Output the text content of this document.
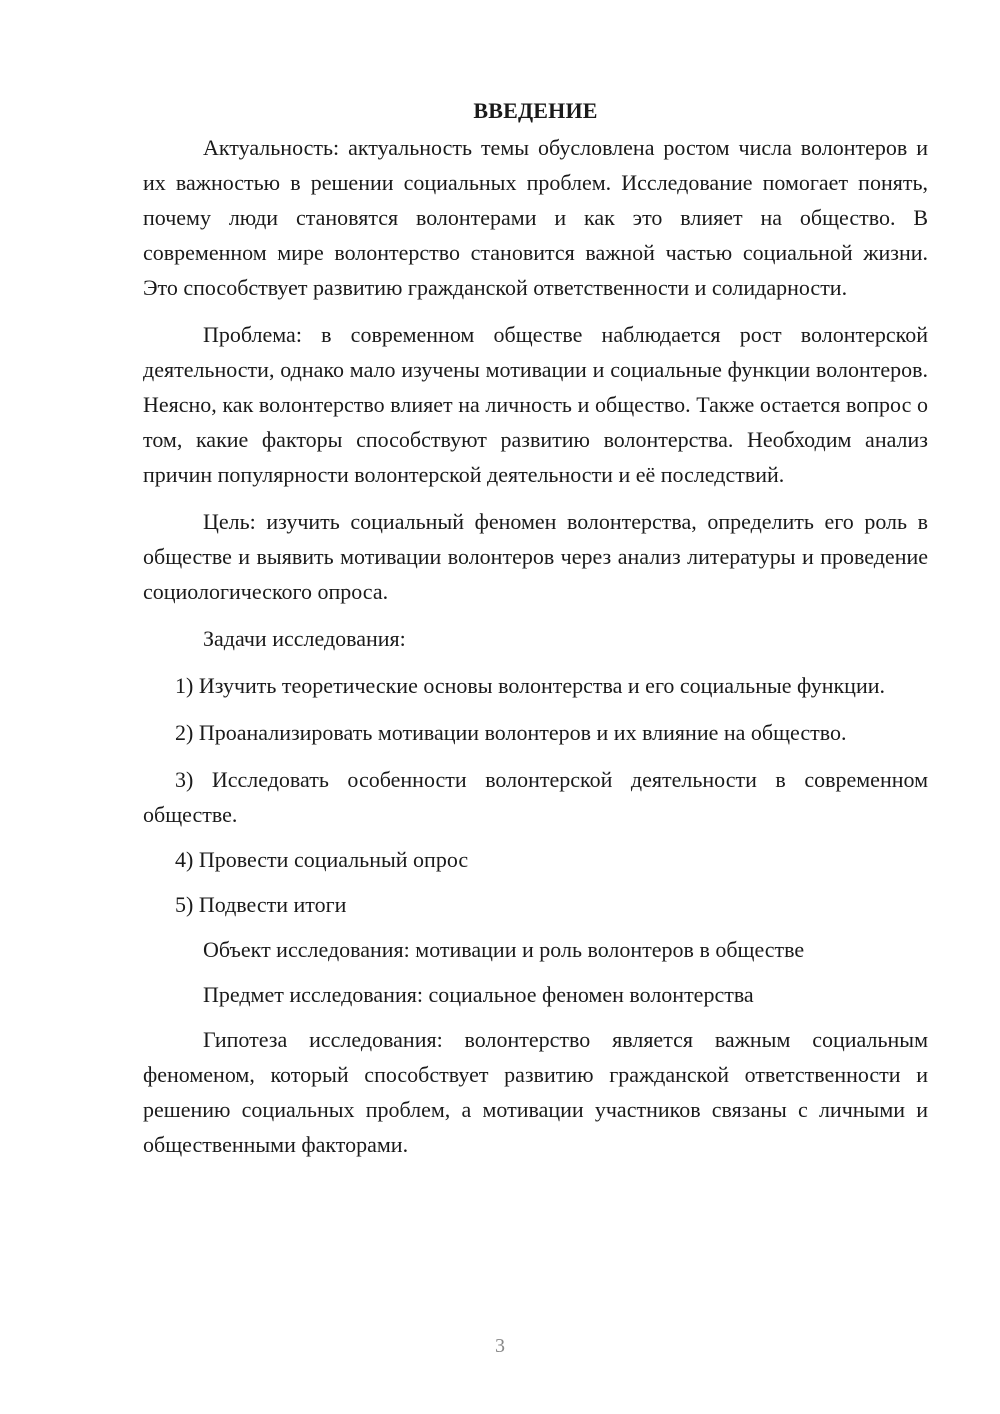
ВВЕДЕНИЕ

Актуальность: актуальность темы обусловлена ростом числа волонтеров и их важностью в решении социальных проблем. Исследование помогает понять, почему люди становятся волонтерами и как это влияет на общество. В современном мире волонтерство становится важной частью социальной жизни. Это способствует развитию гражданской ответственности и солидарности.

Проблема: в современном обществе наблюдается рост волонтерской деятельности, однако мало изучены мотивации и социальные функции волонтеров. Неясно, как волонтерство влияет на личность и общество. Также остается вопрос о том, какие факторы способствуют развитию волонтерства. Необходим анализ причин популярности волонтерской деятельности и её последствий.

Цель: изучить социальный феномен волонтерства, определить его роль в обществе и выявить мотивации волонтеров через анализ литературы и проведение социологического опроса.

Задачи исследования:

1) Изучить теоретические основы волонтерства и его социальные функции.

2) Проанализировать мотивации волонтеров и их влияние на общество.

3) Исследовать особенности волонтерской деятельности в современном обществе.

4) Провести социальный опрос

5) Подвести итоги

Объект исследования: мотивации и роль волонтеров в обществе

Предмет исследования: социальное феномен волонтерства

Гипотеза исследования: волонтерство является важным социальным феноменом, который способствует развитию гражданской ответственности и решению социальных проблем, а мотивации участников связаны с личными и общественными факторами.

3
